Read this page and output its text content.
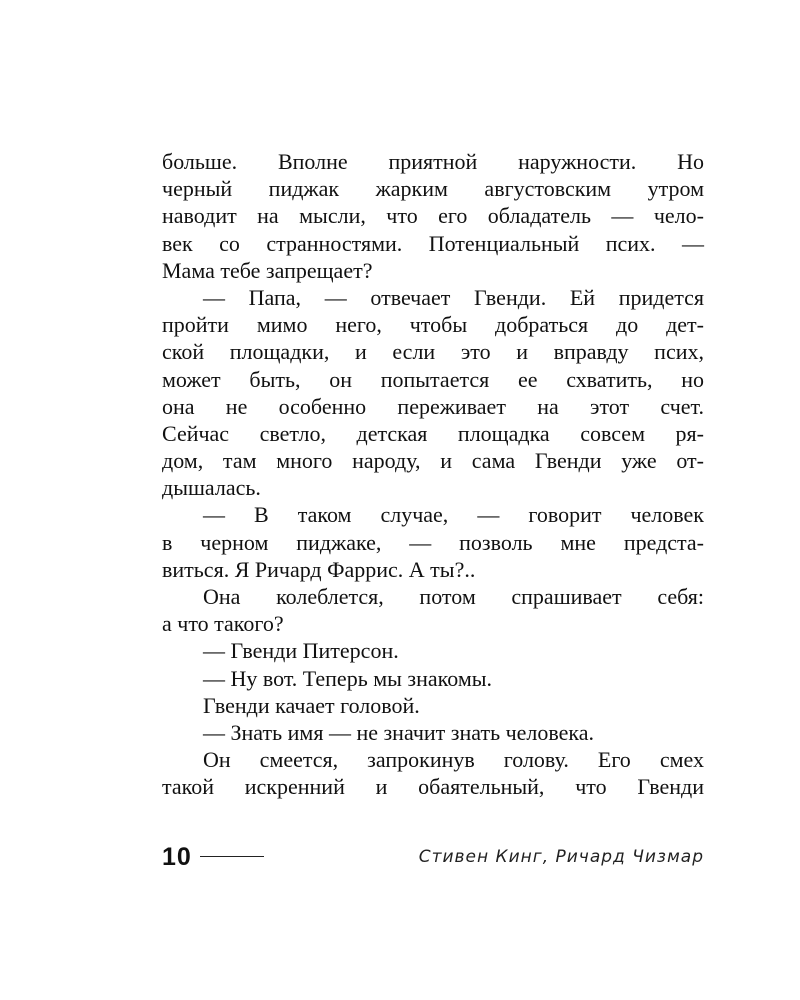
больше. Вполне приятной наружности. Но
черный пиджак жарким августовским утром
наводит на мысли, что его обладатель — чело-
век со странностями. Потенциальный псих. —
Мама тебе запрещает?
— Папа, — отвечает Гвенди. Ей придется
пройти мимо него, чтобы добраться до дет-
ской площадки, и если это и вправду псих,
может быть, он попытается ее схватить, но
она не особенно переживает на этот счет.
Сейчас светло, детская площадка совсем ря-
дом, там много народу, и сама Гвенди уже от-
дышалась.
— В таком случае, — говорит человек
в черном пиджаке, — позволь мне предста-
виться. Я Ричард Фаррис. А ты?..
Она колеблется, потом спрашивает себя:
а что такого?
— Гвенди Питерсон.
— Ну вот. Теперь мы знакомы.
Гвенди качает головой.
— Знать имя — не значит знать человека.
Он смеется, запрокинув голову. Его смех
такой искренний и обаятельный, что Гвенди
10	Стивен Кинг, Ричард Чизмар
